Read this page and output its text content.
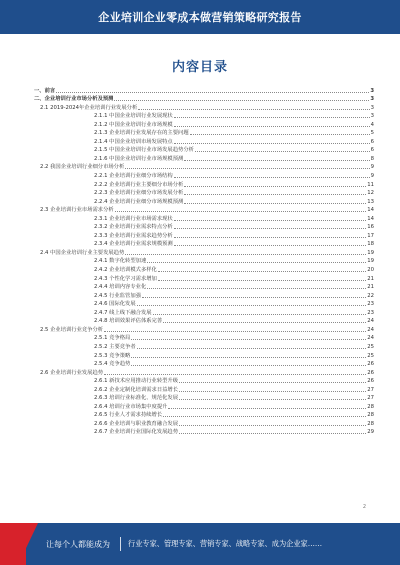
企业培训企业零成本做营销策略研究报告
内容目录
一、前言	3
二、企业培训行业市场分析及预测	3
2.1 2019-2024年企业培训行业发展分析	3
2.1.1 中国企业培训行业发展现状	3
2.1.2 中国企业培训行业市场规模	4
2.1.3 企业培训行业发展存在的主要问题	5
2.1.4 中国企业培训市场发展特点	6
2.1.5 中国企业培训行业市场发展趋势分析	6
2.1.6 中国企业培训行业市场规模预测	8
2.2 我国企业培训行业细分市场分析	9
2.2.1 企业培训行业细分市场结构	9
2.2.2 企业培训行业主要细分市场分析	11
2.2.3 企业培训行业细分市场发展分析	12
2.2.4 企业培训行业细分市场规模预测	13
2.3 企业培训行业市场需求分析	14
2.3.1 企业培训行业市场需求现状	14
2.3.2 企业培训行业需求特点分析	16
2.3.3 企业培训行业需求趋势分析	17
2.3.4 企业培训行业需求规模预测	18
2.4 中国企业培训行业主要发展趋势	19
2.4.1 数字化转型加速	19
2.4.2 企业培训模式多样化	20
2.4.3 个性化学习需求增加	21
2.4.4 培训内容专业化	21
2.4.5 行业监管加强	22
2.4.6 国际化发展	23
2.4.7 线上线下融合发展	23
2.4.8 培训效果评估体系完善	24
2.5 企业培训行业竞争分析	24
2.5.1 竞争格局	24
2.5.2 主要竞争者	25
2.5.3 竞争策略	25
2.5.4 竞争趋势	26
2.6 企业培训行业发展趋势	26
2.6.1 新技术应用推动行业转型升级	26
2.6.2 企业定制化培训需求日益增长	27
2.6.3 培训行业标准化、规范化发展	27
2.6.4 培训行业市场集中度提升	28
2.6.5 行业人才需求持续增长	28
2.6.6 企业培训与职业教育融合发展	28
2.6.7 企业培训行业国际化发展趋势	29
2
让每个人都能成为	行业专家、管理专家、营销专家、战略专家、成为企业家……
